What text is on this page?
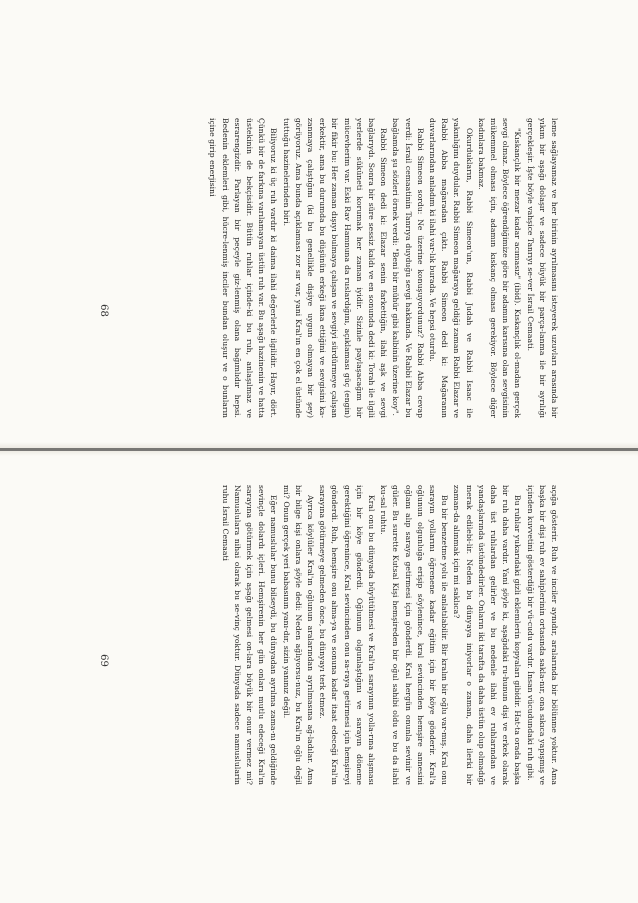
leme sağlayamaz ve her birinin ayrılmasını isteyerek uzuvları arasında bir yıkım bir aşağı dolaşır ve sadece büyük bir parça-lanma ile bir ayrılığı gerçekleşir. İşte böyle vahşice Tanrıyı se-ver İsrail Cemaati.

"Kıskançlık bir mezar kadar acımasız" (ibid). Kıskançlık ol-madan gerçek sevgi olmaz. Böylece öğrendiğimize göre bir adamın karısına olan sevgisinin mükemmel olması için, adamın kıskanç olması gerekiyor. Böylece diğer kadınlara bakmaz.

Okurdukların, Rabbi Simeon'un, Rabbi Judah ve Rabbi Isaac ile yakınlığını duydular. Rabbi Simeon mağaraya geldiği zaman Rabbi Elazar ve Rabbi Abba mağaradan çıktı. Rabbi Simeon dedi ki: Mağaranın duvarlarından anladım ki ilahi var-lık burada. Ve hepsi oturdu.

Rabbi Simeon sordu: Ne üzerine konuşuyordunuz? Rabbi Abba cevap verdi: İsrail cemaatinin Tanrıya duyduğu sevgi hakkında. Ve Rabbi Elazar bu bağlamda şu sözleri örnek verdi: "Beni bir mühür gibi kalbinin üzerine koy".

Rabbi Simeon dedi ki: Elazar senin farkettiğin, ilahi aşk ve sevgi bağlarıydı. Sonra bir süre sessiz kaldı ve en sonunda dedi ki: Torah ile ilgili yerlerde sükûneti korumak her zaman iyidir. Sizinle paylaşacağım bir mücevherim var. Eski Rav Hamnuna da ruslardığını, açıklaması güç (engin) bir fikir bu: Her zaman dışıyı bulmaya çalışan ve sevgiyi sürdürmeye çalışan erkektir, ama bu durumda bu düşünün erkeği ikna ettiğini ve sevgisini ka-zanmaya çalıştığını (ki bu genellikle dişiye uygun olmayan bir şey) görüyoruz. Ama bunda açıklaması zor sır var, yani Kral'ın en çok el üstünde tuttuğu hazinelerinden biri.

Biliyoruz ki üç ruh vardır ki daima ilahi değerlerle ilgilidir. Hayır, dört. Çünkü bir de farkına varılamayan üstün ruh var. Bu aşağı hazinenin ve hatta üstekinin de bekçisidir. Bütün ruhlar içinde-ki bu ruh, anlaşılmaz ve esrarengizdir. Parlayan bir peçeyle giz-lenmiş olana bağımlıdır hepsi. Bedenin eklemleri gibi, hücre-lenmiş inciler bundan oluşur ve o bunların içine girip enerjisini

68

açığa gösterir. Ruh ve inciler aynıdır, aralarında bir bölünme yoktur. Ama başka bir dişi ruh ev sahiplerinin ortasında sakla-nır, ona sıkıca yapışmış ve içinden kuvvetini gösterdiği bir vü-cudu vardır. İnsan vücudundaki ruh gibi.

Bu ruhlar yukarıdaki gizli eklemlerin kopyaları gibidir. Hat-ta orada başka bir ruh daha vardır. Yani şöyle ki, aşağıdaki ru-hunun dişi ve erkek olarak daha üst ruhlardan gelirler ve bu nedenle ilahi ev ruhlarından ve yandaşlarında üstündedirler. Onların iki tarafta da daha üstün olup olmadığı merak edilebi-lir. Neden bu dünyaya iniyorlar o zaman, daha ilerki bir zaman-da alınmak için mi saklıca?

Bu bir benzetme yolu ile anlatılabilir. Bir kralın bir oğlu var-mış. Kral onu sarayın yollarını öğrenene kadar eğitim için bir köye gönderir. Kral'a oğlunun olgunluğa erişip söylenince, kral sevincinden hemşire annesini oğlanı alıp saraya getirmesi için gönderdi. Kral hergün onunla sevinir ve güler. Bu surette Kutsal Kişi hemşireden bir oğul sahibi oldu ve bu da ilahi ku-sal ruhtu.

Kral onu bu dünyada büyütülmesi ve Kral'ın sarayının yolla-rına alışması için bir köye gönderdi. Oğlunun olgunlaştığını ve sarayın döneme gerektiğini öğrenince, Kral sevincinden onu sa-raya getirmesi için hemşireyi gönderdi. Ruh, hemşire onu alma-ya ve sonuna kadar itaat edeceği Kral'ın sarayına götürmeye gelmeden önce, bu dünyayı terk etmez.

Ayrıca köylüler Kral'ın oğlunun aralarından ayrılmasına ağ-ladılar. Ama bir bilge kişi onlara şöyle dedi: Neden ağlıyorsu-nuz, bu Kral'ın oğlu değil mi? Onun gerçek yeri babasının yanı-dır, sizin yanınız değil.

Eğer namuslular bunu bilseydi, bu dünyadan ayrılma zama-nı geldiğinde sevinçle dolardı içleri. Hemşirenin her gün onları mutlu edeceği Kral'ın sarayına götürmek için aşağı gelmesi on-lara büyük bir onur vermez mi? Namuslulara nihai olarak bu se-vinç yoktur. Dünyada sadece namuslularin ruhu İsrail Cemaati

69
